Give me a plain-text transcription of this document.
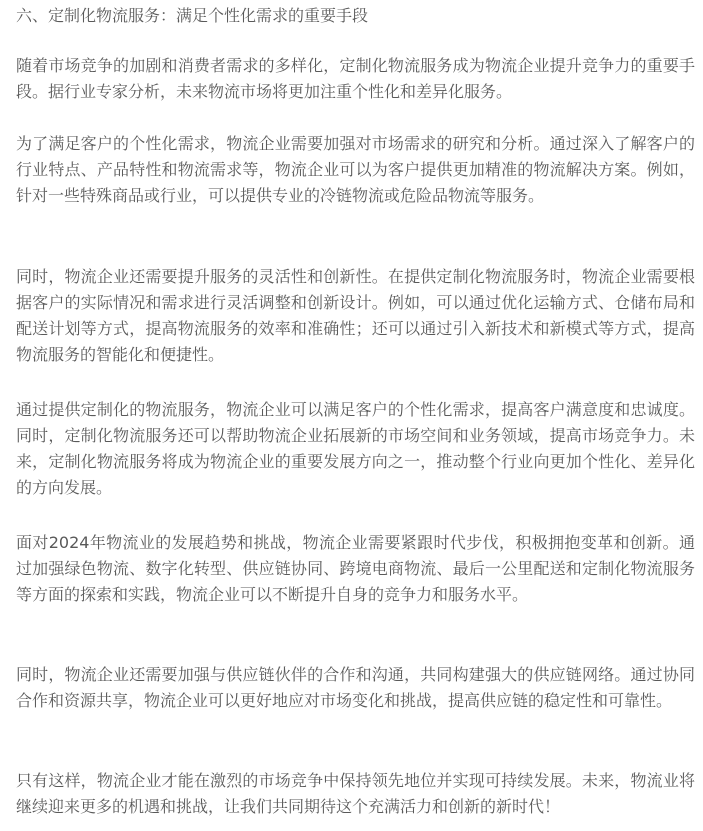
六、定制化物流服务：满足个性化需求的重要手段

随着市场竞争的加剧和消费者需求的多样化，定制化物流服务成为物流企业提升竞争力的重要手段。据行业专家分析，未来物流市场将更加注重个性化和差异化服务。

为了满足客户的个性化需求，物流企业需要加强对市场需求的研究和分析。通过深入了解客户的行业特点、产品特性和物流需求等，物流企业可以为客户提供更加精准的物流解决方案。例如，针对一些特殊商品或行业，可以提供专业的冷链物流或危险品物流等服务。

同时，物流企业还需要提升服务的灵活性和创新性。在提供定制化物流服务时，物流企业需要根据客户的实际情况和需求进行灵活调整和创新设计。例如，可以通过优化运输方式、仓储布局和配送计划等方式，提高物流服务的效率和准确性；还可以通过引入新技术和新模式等方式，提高物流服务的智能化和便捷性。

通过提供定制化的物流服务，物流企业可以满足客户的个性化需求，提高客户满意度和忠诚度。同时，定制化物流服务还可以帮助物流企业拓展新的市场空间和业务领域，提高市场竞争力。未来，定制化物流服务将成为物流企业的重要发展方向之一，推动整个行业向更加个性化、差异化的方向发展。

面对2024年物流业的发展趋势和挑战，物流企业需要紧跟时代步伐，积极拥抱变革和创新。通过加强绿色物流、数字化转型、供应链协同、跨境电商物流、最后一公里配送和定制化物流服务等方面的探索和实践，物流企业可以不断提升自身的竞争力和服务水平。

同时，物流企业还需要加强与供应链伙伴的合作和沟通，共同构建强大的供应链网络。通过协同合作和资源共享，物流企业可以更好地应对市场变化和挑战，提高供应链的稳定性和可靠性。

只有这样，物流企业才能在激烈的市场竞争中保持领先地位并实现可持续发展。未来，物流业将继续迎来更多的机遇和挑战，让我们共同期待这个充满活力和创新的新时代！
